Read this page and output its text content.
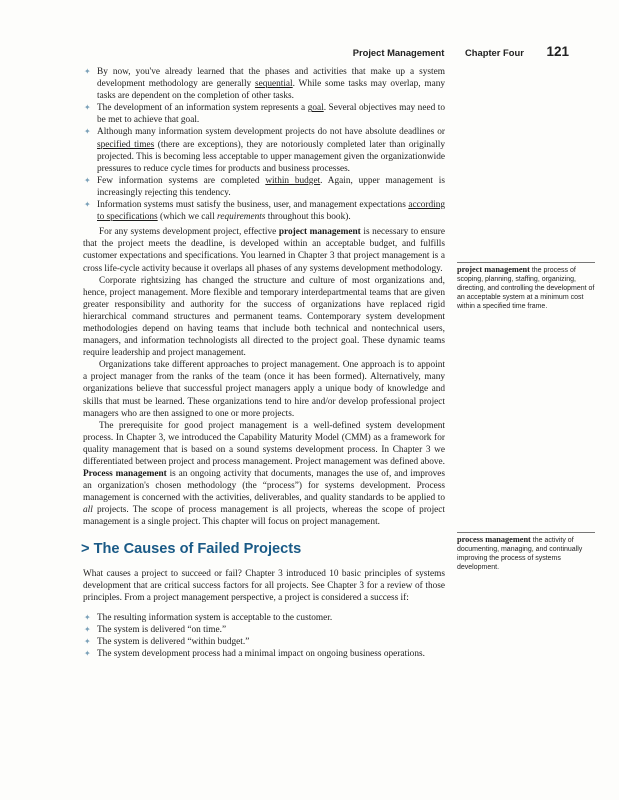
Project Management Chapter Four 121
✦ By now, you've already learned that the phases and activities that make up a system development methodology are generally sequential. While some tasks may overlap, many tasks are dependent on the completion of other tasks.
✦ The development of an information system represents a goal. Several objectives may need to be met to achieve that goal.
✦ Although many information system development projects do not have absolute deadlines or specified times (there are exceptions), they are notoriously completed later than originally projected. This is becoming less acceptable to upper management given the organizationwide pressures to reduce cycle times for products and business processes.
✦ Few information systems are completed within budget. Again, upper management is increasingly rejecting this tendency.
✦ Information systems must satisfy the business, user, and management expectations according to specifications (which we call requirements throughout this book).

For any systems development project, effective project management is necessary to ensure that the project meets the deadline, is developed within an acceptable budget, and fulfills customer expectations and specifications. You learned in Chapter 3 that project management is a cross life-cycle activity because it overlaps all phases of any systems development methodology.

Corporate rightsizing has changed the structure and culture of most organizations and, hence, project management. More flexible and temporary interdepartmental teams that are given greater responsibility and authority for the success of organizations have replaced rigid hierarchical command structures and permanent teams. Contemporary system development methodologies depend on having teams that include both technical and nontechnical users, managers, and information technologists all directed to the project goal. These dynamic teams require leadership and project management.

Organizations take different approaches to project management. One approach is to appoint a project manager from the ranks of the team (once it has been formed). Alternatively, many organizations believe that successful project managers apply a unique body of knowledge and skills that must be learned. These organizations tend to hire and/or develop professional project managers who are then assigned to one or more projects.

The prerequisite for good project management is a well-defined system development process. In Chapter 3, we introduced the Capability Maturity Model (CMM) as a framework for quality management that is based on a sound systems development process. In Chapter 3 we differentiated between project and process management. Project management was defined above. Process management is an ongoing activity that documents, manages the use of, and improves an organization's chosen methodology (the “process”) for systems development. Process management is concerned with the activities, deliverables, and quality standards to be applied to all projects. The scope of process management is all projects, whereas the scope of project management is a single project. This chapter will focus on project management.

> The Causes of Failed Projects

What causes a project to succeed or fail? Chapter 3 introduced 10 basic principles of systems development that are critical success factors for all projects. See Chapter 3 for a review of those principles. From a project management perspective, a project is considered a success if:

✦ The resulting information system is acceptable to the customer.
✦ The system is delivered “on time.”
✦ The system is delivered “within budget.”
✦ The system development process had a minimal impact on ongoing business operations.
project management the process of scoping, planning, staffing, organizing, directing, and controlling the development of an acceptable system at a minimum cost within a specified time frame.
process management the activity of documenting, managing, and continually improving the process of systems development.
